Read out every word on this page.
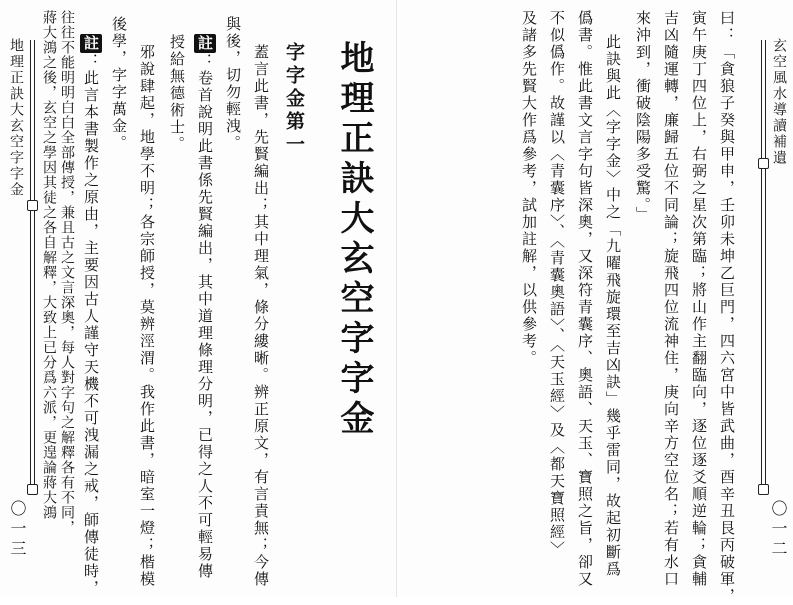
玄空風水導讀補遺
〇一二
曰：「貪狼子癸與甲申，壬卯未坤乙巨門，四六宮中皆武曲，酉辛丑艮丙破軍，
寅午庚丁四位上，右弼之星次第臨；將山作主翻臨向，逐位逐爻順逆輪；貪輔
吉凶隨運轉，廉歸五位不同論；旋飛四位流神住，庚向辛方空位名；若有水口
來沖到，衝破陰陽多受驚。」
此訣與此〈字字金〉中之「九曜飛旋環至吉凶訣」幾乎雷同，故起初斷爲
僞書。惟此書文言字句皆深奧，又深符青囊序、奧語、天玉、寶照之旨，卻又
不似僞作。故謹以〈青囊序〉、〈青囊奧語〉、〈天玉經〉及〈都天寶照經〉
及諸多先賢大作爲參考，試加註解，以供參考。
地理正訣大玄空字字金
〇一三
地理正訣大玄空字字金
字字金第一
蓋言此書，先賢編出；其中理氣，條分縷晰。辨正原文，有言責無；今傳
與後，切勿輕洩。
註：卷首說明此書係先賢編出，其中道理條理分明，已得之人不可輕易傳
授給無德術士。
邪說肆起，地學不明；各宗師授，莫辨涇渭。我作此書，暗室一燈；楷模
後學，字字萬金。
註：此言本書製作之原由，主要因古人謹守天機不可洩漏之戒，師傳徒時，
往往不能明明白白全部傳授，兼且古之文言深奧，每人對字句之解釋各有不同，
蔣大鴻之後，玄空之學因其徒之各自解釋，大致上已分爲六派，更遑論蔣大鴻
